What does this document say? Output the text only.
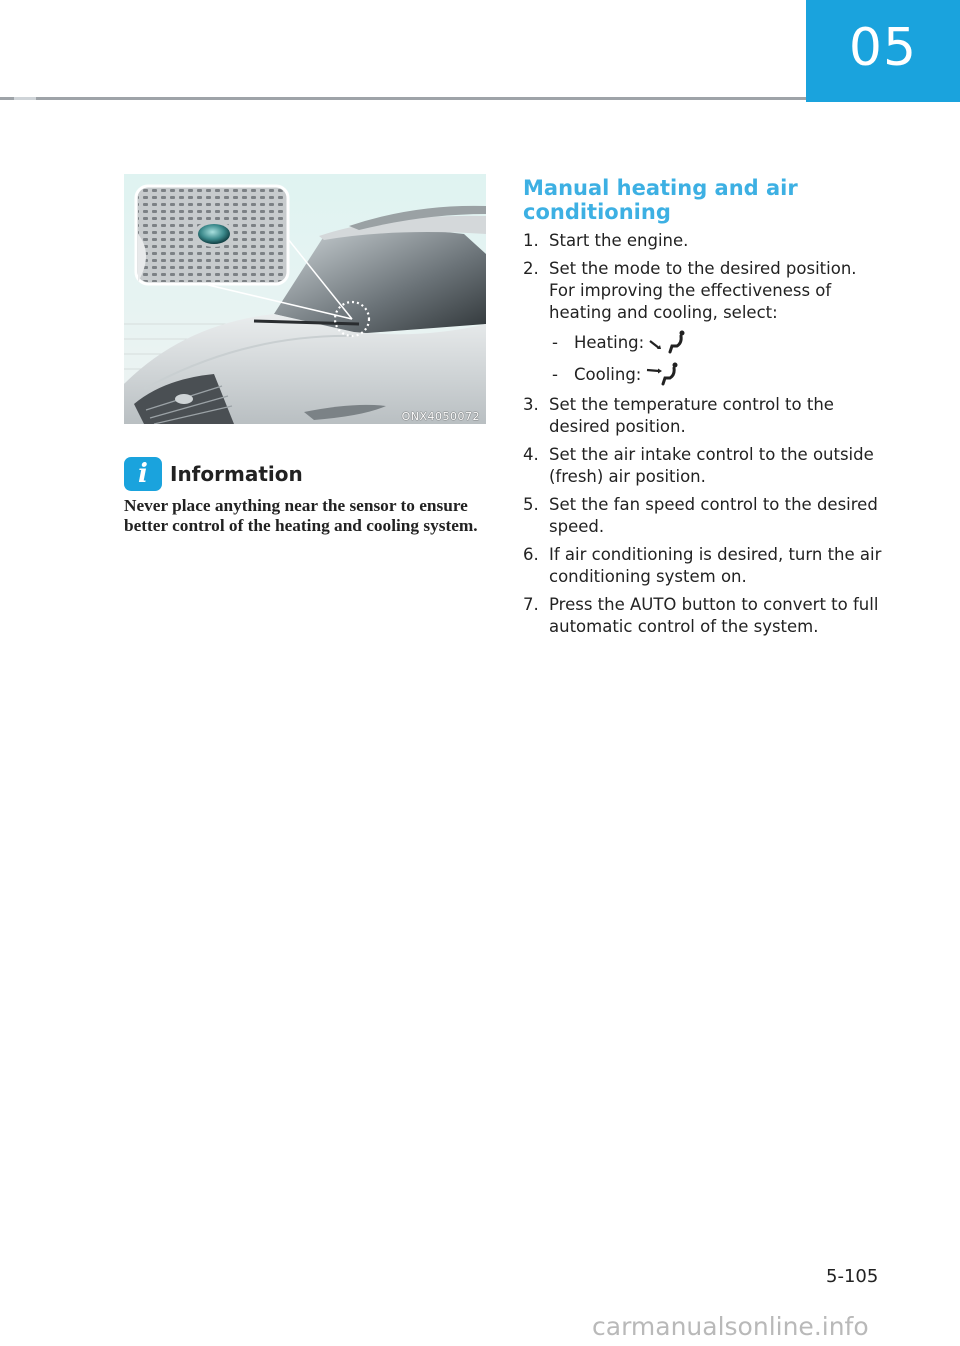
05
ONX4050072
i Information
Never place anything near the sensor to ensure better control of the heating and cooling system.
Manual heating and air conditioning
1. Start the engine.
2. Set the mode to the desired position. For improving the effectiveness of heating and cooling, select:
- Heating:
- Cooling:
3. Set the temperature control to the desired position.
4. Set the air intake control to the outside (fresh) air position.
5. Set the fan speed control to the desired speed.
6. If air conditioning is desired, turn the air conditioning system on.
7. Press the AUTO button to convert to full automatic control of the system.
5-105
carmanualsonline.info
